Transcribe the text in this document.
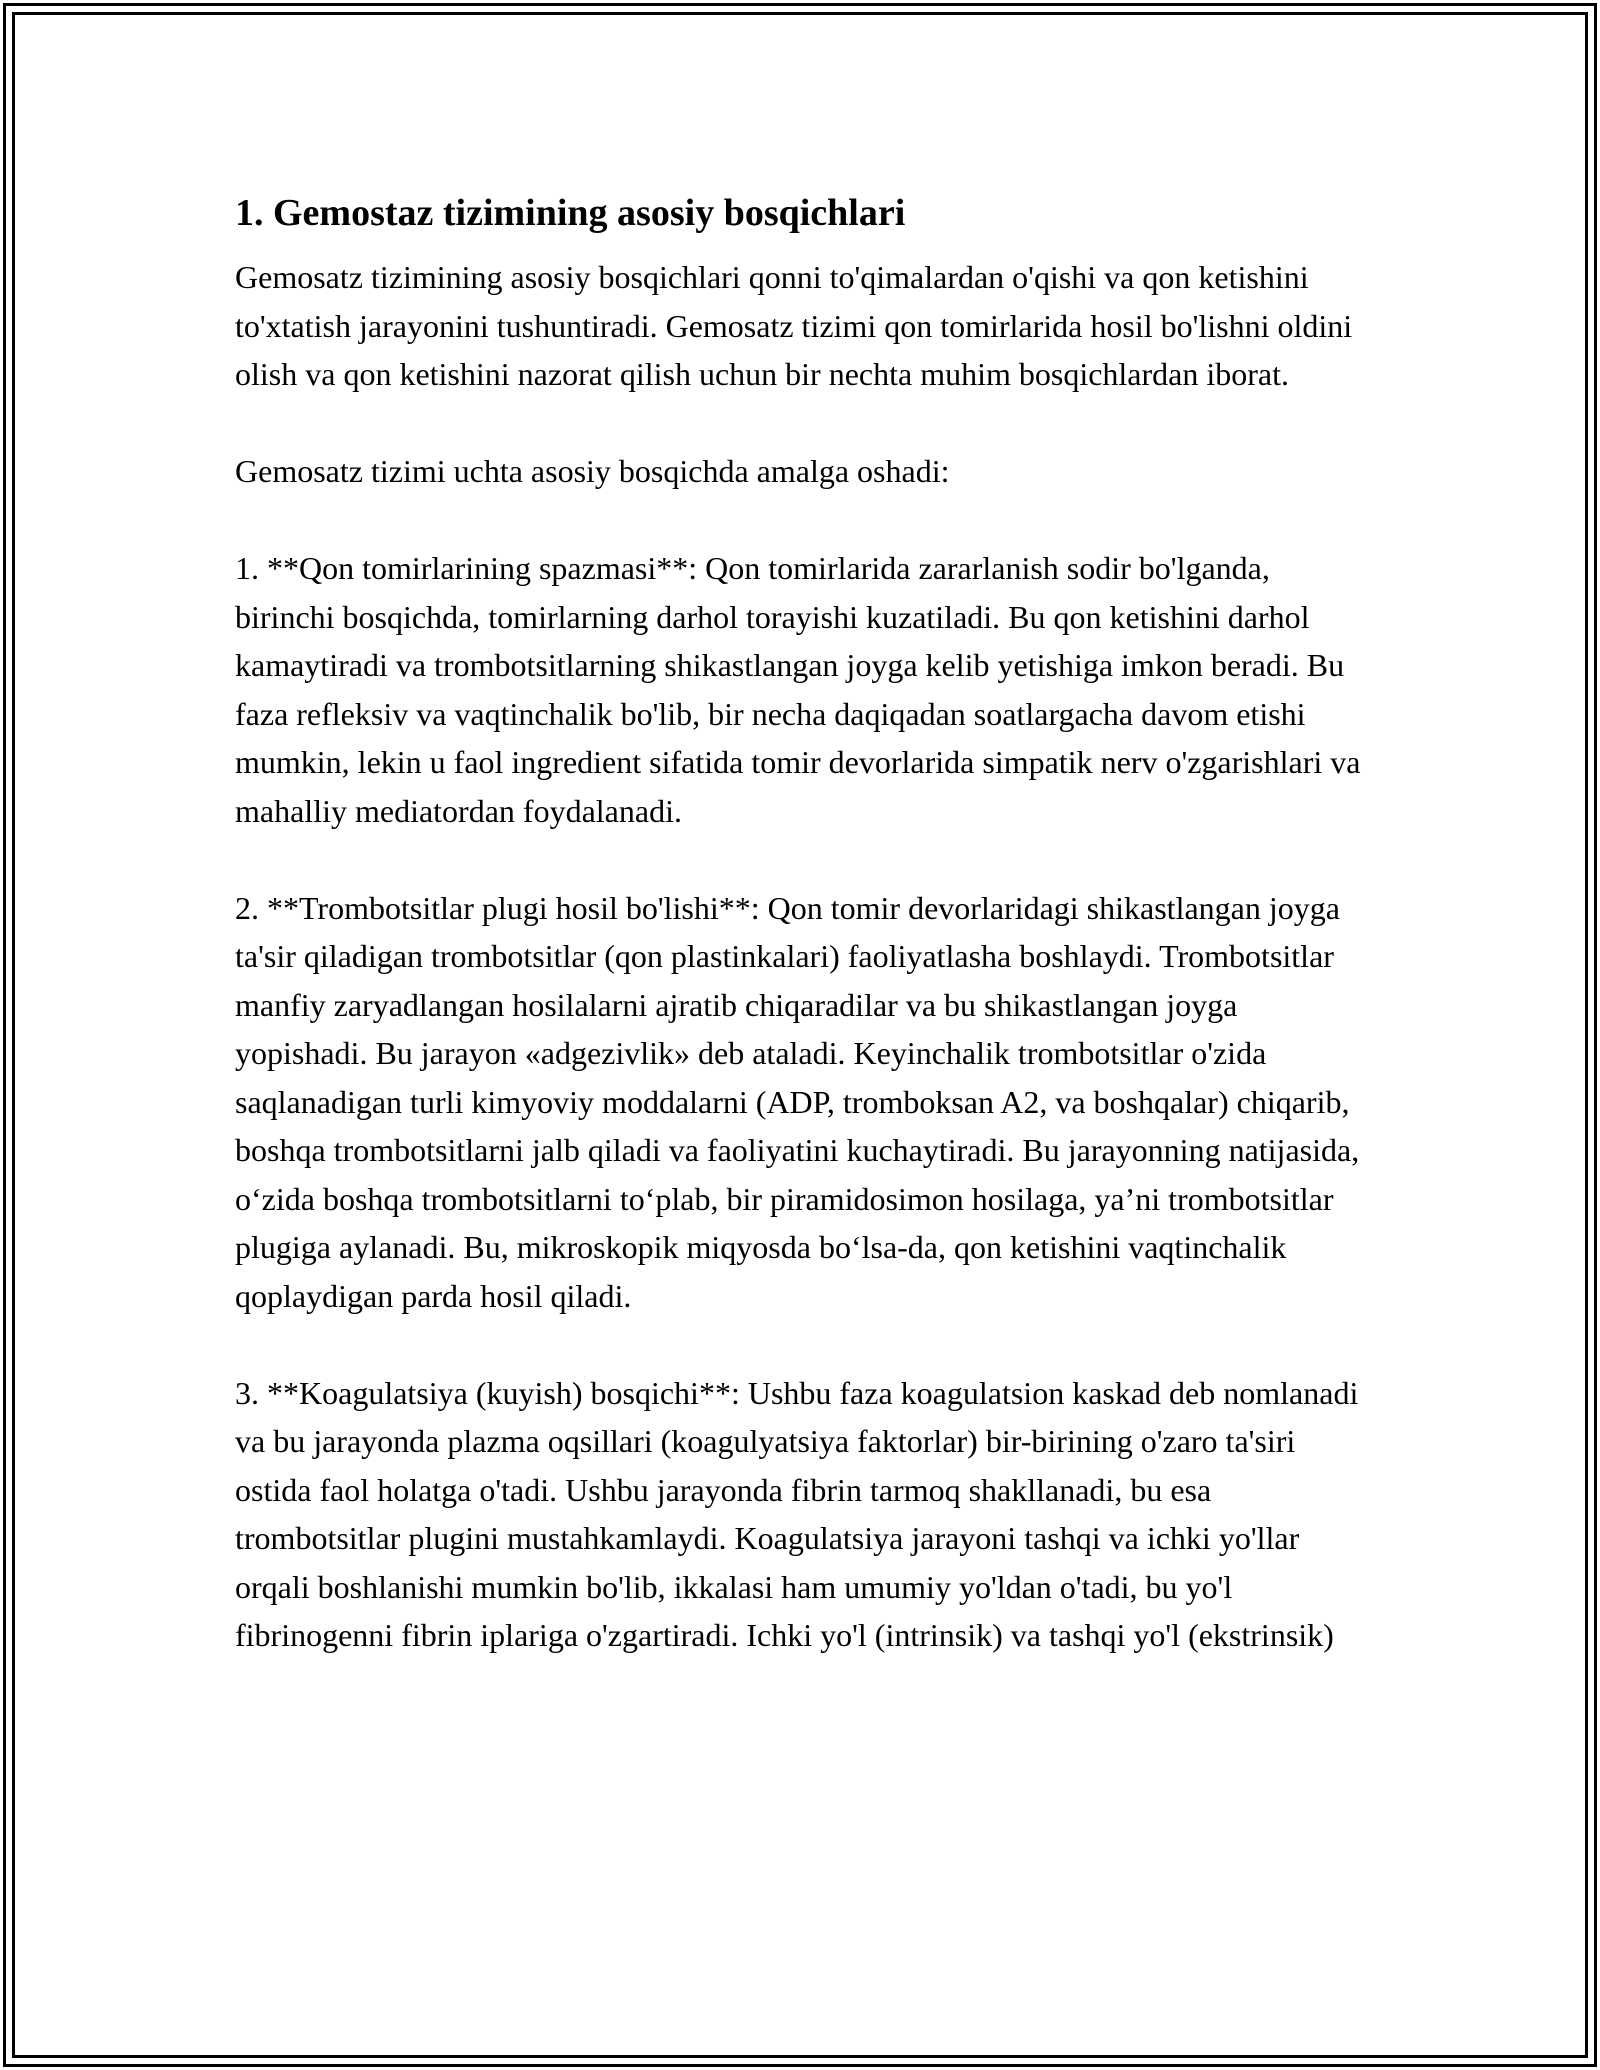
1. Gemostaz tizimining asosiy bosqichlari

Gemosatz tizimining asosiy bosqichlari qonni to'qimalardan o'qishi va qon ketishini to'xtatish jarayonini tushuntiradi. Gemosatz tizimi qon tomirlarida hosil bo'lishni oldini olish va qon ketishini nazorat qilish uchun bir nechta muhim bosqichlardan iborat.

Gemosatz tizimi uchta asosiy bosqichda amalga oshadi:

1. **Qon tomirlarining spazmasi**: Qon tomirlarida zararlanish sodir bo'lganda, birinchi bosqichda, tomirlarning darhol torayishi kuzatiladi. Bu qon ketishini darhol kamaytiradi va trombotsitlarning shikastlangan joyga kelib yetishiga imkon beradi. Bu faza refleksiv va vaqtinchalik bo'lib, bir necha daqiqadan soatlargacha davom etishi mumkin, lekin u faol ingredient sifatida tomir devorlarida simpatik nerv o'zgarishlari va mahalliy mediatordan foydalanadi.

2. **Trombotsitlar plugi hosil bo'lishi**: Qon tomir devorlaridagi shikastlangan joyga ta'sir qiladigan trombotsitlar (qon plastinkalari) faoliyatlasha boshlaydi. Trombotsitlar manfiy zaryadlangan hosilalarni ajratib chiqaradilar va bu shikastlangan joyga yopishadi. Bu jarayon «adgezivlik» deb ataladi. Keyinchalik trombotsitlar o'zida saqlanadigan turli kimyoviy moddalarni (ADP, tromboksan A2, va boshqalar) chiqarib, boshqa trombotsitlarni jalb qiladi va faoliyatini kuchaytiradi. Bu jarayonning natijasida, o‘zida boshqa trombotsitlarni to‘plab, bir piramidosimon hosilaga, ya’ni trombotsitlar plugiga aylanadi. Bu, mikroskopik miqyosda bo‘lsa-da, qon ketishini vaqtinchalik qoplaydigan parda hosil qiladi.

3. **Koagulatsiya (kuyish) bosqichi**: Ushbu faza koagulatsion kaskad deb nomlanadi va bu jarayonda plazma oqsillari (koagulyatsiya faktorlar) bir-birining o'zaro ta'siri ostida faol holatga o'tadi. Ushbu jarayonda fibrin tarmoq shakllanadi, bu esa trombotsitlar plugini mustahkamlaydi. Koagulatsiya jarayoni tashqi va ichki yo'llar orqali boshlanishi mumkin bo'lib, ikkalasi ham umumiy yo'ldan o'tadi, bu yo'l fibrinogenni fibrin iplariga o'zgartiradi. Ichki yo'l (intrinsik) va tashqi yo'l (ekstrinsik)
